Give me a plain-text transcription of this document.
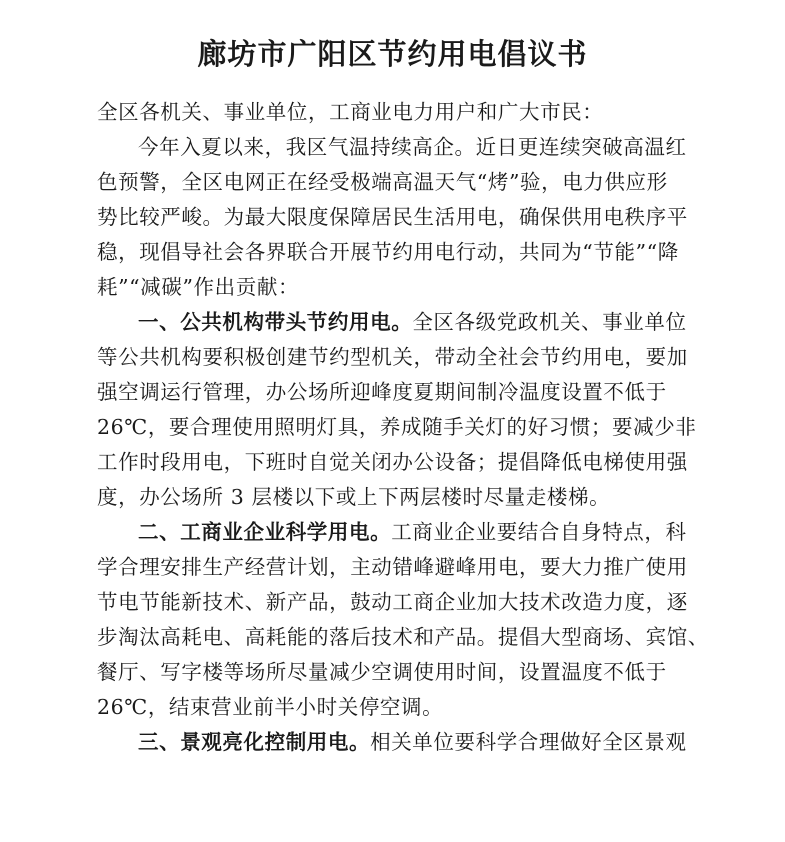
廊坊市广阳区节约用电倡议书

全区各机关、事业单位，工商业电力用户和广大市民：

今年入夏以来，我区气温持续高企。近日更连续突破高温红
色预警，全区电网正在经受极端高温天气“烤”验，电力供应形
势比较严峻。为最大限度保障居民生活用电，确保供用电秩序平
稳，现倡导社会各界联合开展节约用电行动，共同为“节能”“降
耗”“减碳”作出贡献：

一、公共机构带头节约用电。全区各级党政机关、事业单位
等公共机构要积极创建节约型机关，带动全社会节约用电，要加
强空调运行管理，办公场所迎峰度夏期间制冷温度设置不低于
26℃，要合理使用照明灯具，养成随手关灯的好习惯；要减少非
工作时段用电，下班时自觉关闭办公设备；提倡降低电梯使用强
度，办公场所 3 层楼以下或上下两层楼时尽量走楼梯。

二、工商业企业科学用电。工商业企业要结合自身特点，科
学合理安排生产经营计划，主动错峰避峰用电，要大力推广使用
节电节能新技术、新产品，鼓动工商企业加大技术改造力度，逐
步淘汰高耗电、高耗能的落后技术和产品。提倡大型商场、宾馆、
餐厅、写字楼等场所尽量减少空调使用时间，设置温度不低于
26℃，结束营业前半小时关停空调。

三、景观亮化控制用电。相关单位要科学合理做好全区景观
